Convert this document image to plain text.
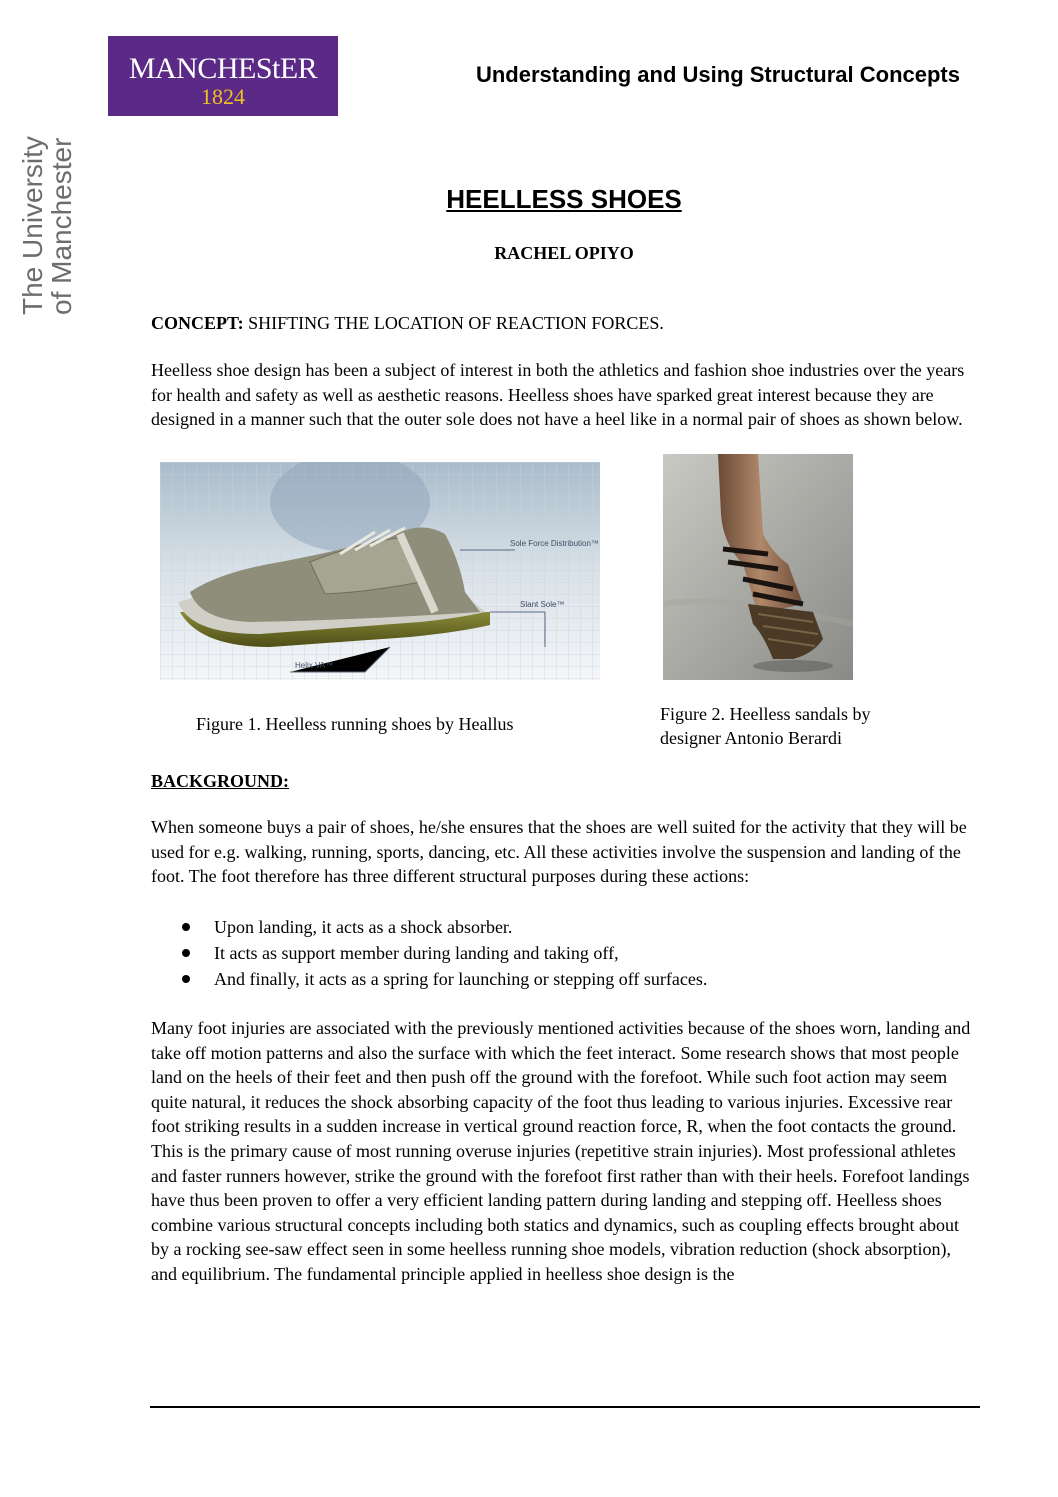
MANCHEStER
1824
The University
of Manchester
Understanding and Using Structural Concepts
HEELLESS SHOES
RACHEL OPIYO
CONCEPT: SHIFTING THE LOCATION OF REACTION FORCES.
Heelless shoe design has been a subject of interest in both the athletics and fashion shoe industries over the years for health and safety as well as aesthetic reasons. Heelless shoes have sparked great interest because they are designed in a manner such that the outer sole does not have a heel like in a normal pair of shoes as shown below.
Sole Force Distribution™
Slant Sole™
Helix VA™
Figure 1. Heelless running shoes by Heallus	Figure 2. Heelless sandals by
designer Antonio Berardi
BACKGROUND:
When someone buys a pair of shoes, he/she ensures that the shoes are well suited for the activity that they will be used for e.g. walking, running, sports, dancing, etc. All these activities involve the suspension and landing of the foot. The foot therefore has three different structural purposes during these actions:
Upon landing, it acts as a shock absorber.
It acts as support member during landing and taking off,
And finally, it acts as a spring for launching or stepping off surfaces.
Many foot injuries are associated with the previously mentioned activities because of the shoes worn, landing and take off motion patterns and also the surface with which the feet interact. Some research shows that most people land on the heels of their feet and then push off the ground with the forefoot. While such foot action may seem quite natural, it reduces the shock absorbing capacity of the foot thus leading to various injuries. Excessive rear foot striking results in a sudden increase in vertical ground reaction force, R, when the foot contacts the ground. This is the primary cause of most running overuse injuries (repetitive strain injuries). Most professional athletes and faster runners however, strike the ground with the forefoot first rather than with their heels. Forefoot landings have thus been proven to offer a very efficient landing pattern during landing and stepping off. Heelless shoes combine various structural concepts including both statics and dynamics, such as coupling effects brought about by a rocking see-saw effect seen in some heelless running shoe models, vibration reduction (shock absorption), and equilibrium. The fundamental principle applied in heelless shoe design is the
